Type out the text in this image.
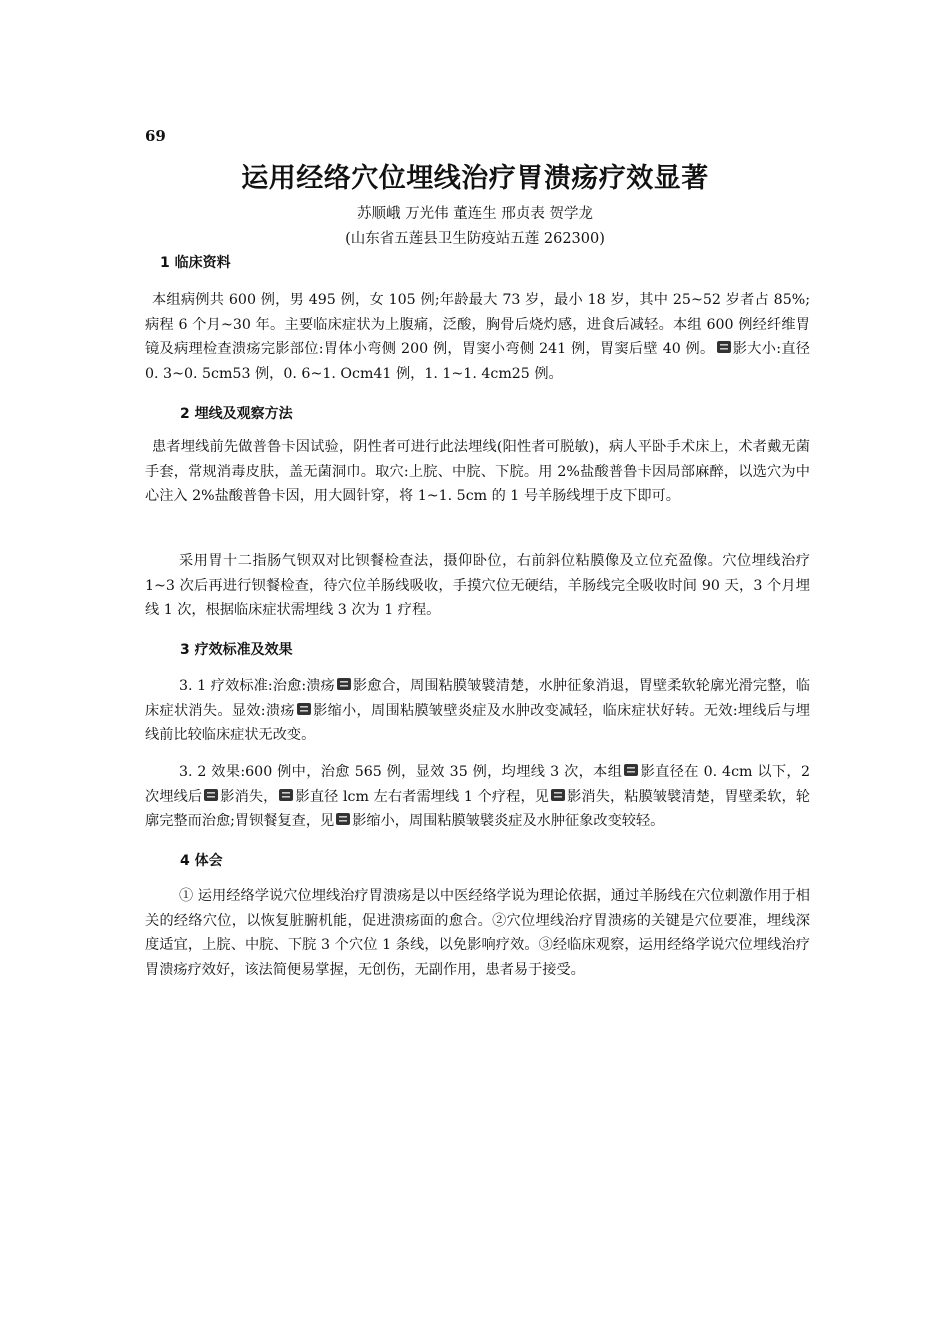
69
运用经络穴位埋线治疗胃溃疡疗效显著
苏顺峨 万光伟 董连生 邢贞表 贺学龙
(山东省五莲县卫生防疫站五莲 262300)
1 临床资料

本组病例共 600 例，男 495 例，女 105 例;年龄最大 73 岁，最小 18 岁，其中 25~52 岁者占 85%;病程 6 个月~30 年。主要临床症状为上腹痛，泛酸，胸骨后烧灼感，进食后减轻。本组 600 例经纤维胃镜及病理检查溃疡完影部位:胃体小弯侧 200 例，胃窦小弯侧 241 例，胃窦后壁 40 例。 影大小:直径 0. 3~0. 5cm53 例，0. 6~1. Ocm41 例，1. 1~1. 4cm25 例。

2 埋线及观察方法

患者埋线前先做普鲁卡因试验，阴性者可进行此法埋线(阳性者可脱敏)，病人平卧手术床上，术者戴无菌手套，常规消毒皮肤，盖无菌洞巾。取穴:上脘、中脘、下脘。用 2%盐酸普鲁卡因局部麻醉，以选穴为中心注入 2%盐酸普鲁卡因，用大圆针穿，将 1~1. 5cm 的 1 号羊肠线埋于皮下即可。

采用胃十二指肠气钡双对比钡餐检查法，摄仰卧位，右前斜位粘膜像及立位充盈像。穴位埋线治疗 1~3 次后再进行钡餐检查，待穴位羊肠线吸收，手摸穴位无硬结，羊肠线完全吸收时间 90 天，3 个月埋线 1 次，根据临床症状需埋线 3 次为 1 疗程。

3 疗效标准及效果

3. 1 疗效标准:治愈:溃疡 影愈合，周围粘膜皱襞清楚，水肿征象消退，胃壁柔软轮廓光滑完整，临床症状消失。显效:溃疡 影缩小，周围粘膜皱壁炎症及水肿改变减轻，临床症状好转。无效:埋线后与埋线前比较临床症状无改变。

3. 2 效果:600 例中，治愈 565 例，显效 35 例，均埋线 3 次，本组 影直径在 0. 4cm 以下，2 次埋线后 影消失， 影直径 lcm 左右者需埋线 1 个疗程，见 影消失，粘膜皱襞清楚，胃壁柔软，轮廓完整而治愈;胃钡餐复查，见 影缩小，周围粘膜皱襞炎症及水肿征象改变较轻。

4 体会

① 运用经络学说穴位埋线治疗胃溃疡是以中医经络学说为理论依据，通过羊肠线在穴位刺激作用于相关的经络穴位，以恢复脏腑机能，促进溃疡面的愈合。②穴位埋线治疗胃溃疡的关键是穴位要准，埋线深度适宜，上脘、中脘、下脘 3 个穴位 1 条线，以免影响疗效。③经临床观察，运用经络学说穴位埋线治疗胃溃疡疗效好，该法简便易掌握，无创伤，无副作用，患者易于接受。
